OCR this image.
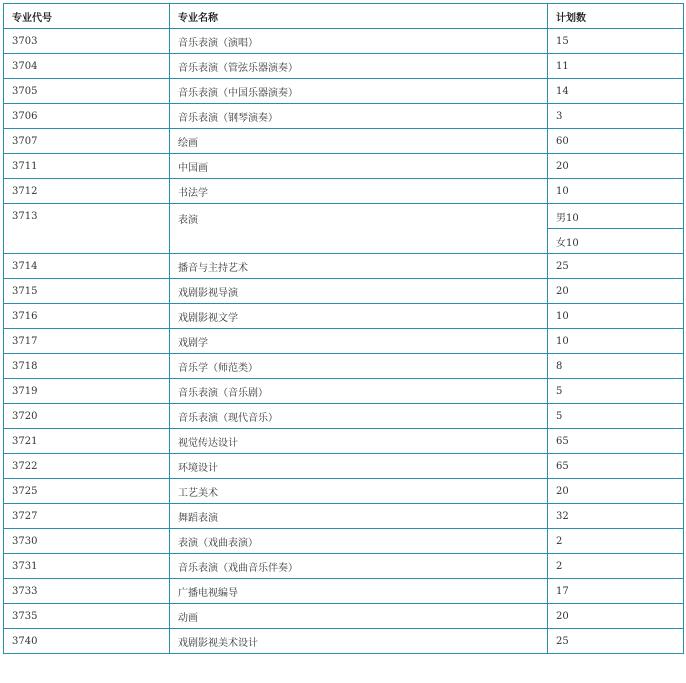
专业代号	专业名称	计划数
3703	音乐表演（演唱）	15
3704	音乐表演（管弦乐器演奏）	11
3705	音乐表演（中国乐器演奏）	14
3706	音乐表演（钢琴演奏）	3
3707	绘画	60
3711	中国画	20
3712	书法学	10
3713	表演	男10
		女10
3714	播音与主持艺术	25
3715	戏剧影视导演	20
3716	戏剧影视文学	10
3717	戏剧学	10
3718	音乐学（师范类）	8
3719	音乐表演（音乐剧）	5
3720	音乐表演（现代音乐）	5
3721	视觉传达设计	65
3722	环境设计	65
3725	工艺美术	20
3727	舞蹈表演	32
3730	表演（戏曲表演）	2
3731	音乐表演（戏曲音乐伴奏）	2
3733	广播电视编导	17
3735	动画	20
3740	戏剧影视美术设计	25
